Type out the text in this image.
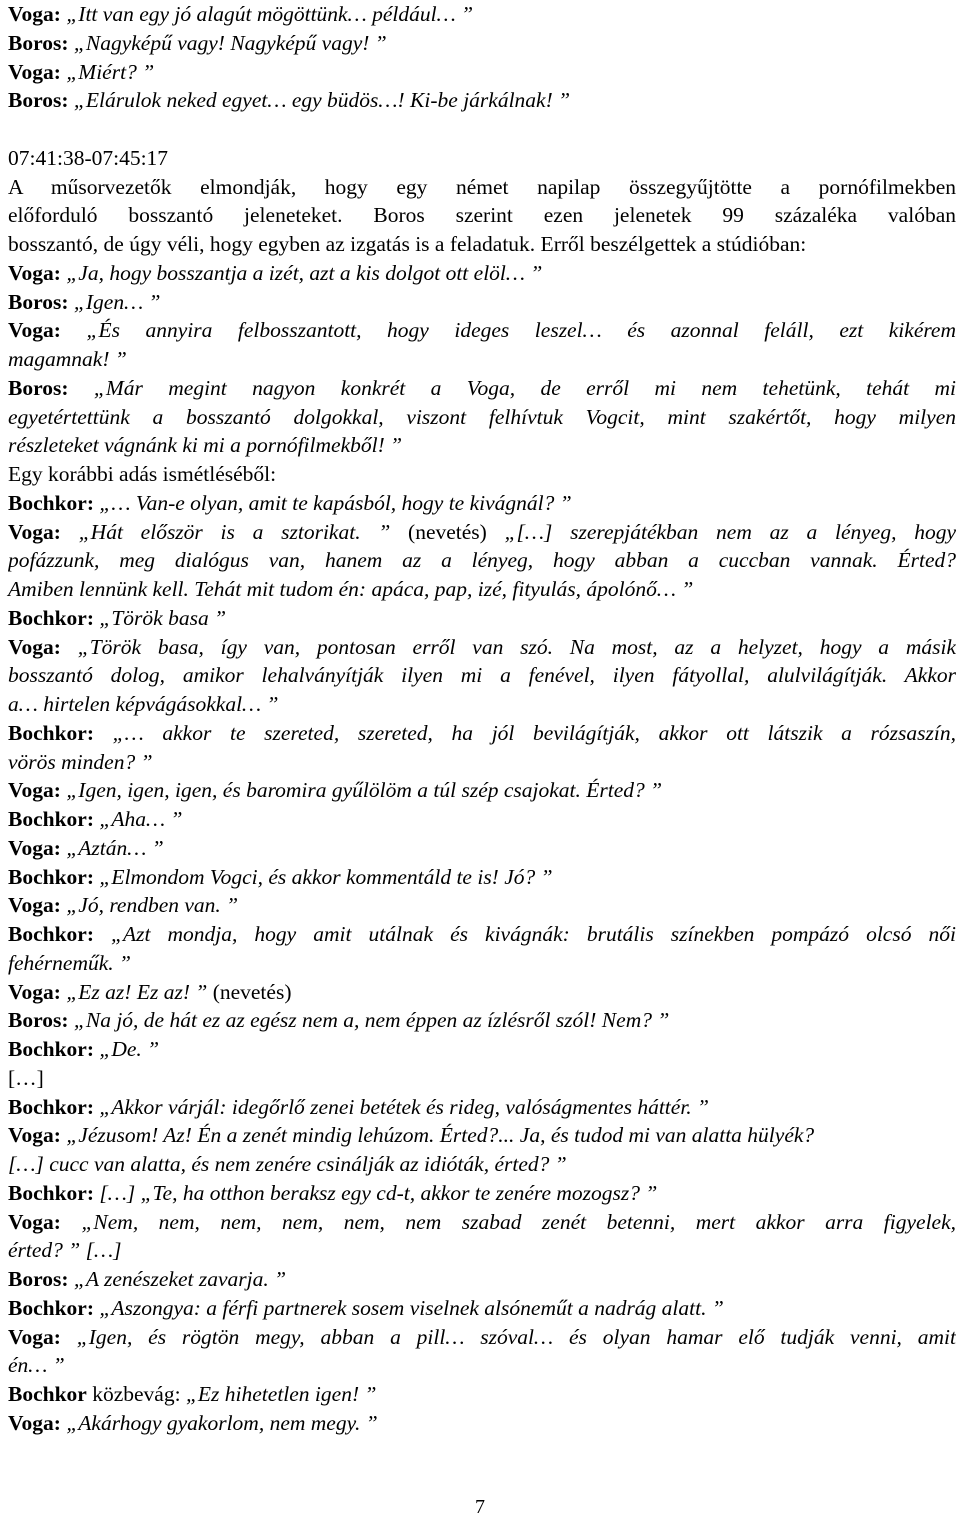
Voga: „Itt van egy jó alagút mögöttünk… például… ”
Boros: „Nagyképű vagy! Nagyképű vagy! ”
Voga: „Miért? ”
Boros: „Elárulok neked egyet… egy büdös…! Ki-be járkálnak! ”
07:41:38-07:45:17
A műsorvezetők elmondják, hogy egy német napilap összegyűjtötte a pornófilmekben
előforduló bosszantó jeleneteket. Boros szerint ezen jelenetek 99 százaléka valóban
bosszantó, de úgy véli, hogy egyben az izgatás is a feladatuk. Erről beszélgettek a stúdióban:
Voga: „Ja, hogy bosszantja a izét, azt a kis dolgot ott elöl… ”
Boros: „Igen… ”
Voga: „És annyira felbosszantott, hogy ideges leszel… és azonnal feláll, ezt kikérem
magamnak! ”
Boros: „Már megint nagyon konkrét a Voga, de erről mi nem tehetünk, tehát mi
egyetértettünk a bosszantó dolgokkal, viszont felhívtuk Vogcit, mint szakértőt, hogy milyen
részleteket vágnánk ki mi a pornófilmekből! ”
Egy korábbi adás ismétléséből:
Bochkor: „… Van-e olyan, amit te kapásból, hogy te kivágnál? ”
Voga: „Hát először is a sztorikat. ” (nevetés) „[…] szerepjátékban nem az a lényeg, hogy
pofázzunk, meg dialógus van, hanem az a lényeg, hogy abban a cuccban vannak. Érted?
Amiben lennünk kell. Tehát mit tudom én: apáca, pap, izé, fityulás, ápolónő… ”
Bochkor: „Török basa ”
Voga: „Török basa, így van, pontosan erről van szó. Na most, az a helyzet, hogy a másik
bosszantó dolog, amikor lehalványítják ilyen mi a fenével, ilyen fátyollal, alulvilágítják. Akkor
a… hirtelen képvágásokkal… ”
Bochkor: „… akkor te szereted, szereted, ha jól bevilágítják, akkor ott látszik a rózsaszín,
vörös minden? ”
Voga: „Igen, igen, igen, és baromira gyűlölöm a túl szép csajokat. Érted? ”
Bochkor: „Aha… ”
Voga: „Aztán… ”
Bochkor: „Elmondom Vogci, és akkor kommentáld te is! Jó? ”
Voga: „Jó, rendben van. ”
Bochkor: „Azt mondja, hogy amit utálnak és kivágnák: brutális színekben pompázó olcsó női
fehérneműk. ”
Voga: „Ez az! Ez az! ” (nevetés)
Boros: „Na jó, de hát ez az egész nem a, nem éppen az ízlésről szól! Nem? ”
Bochkor: „De. ”
[…]
Bochkor: „Akkor várjál: idegőrlő zenei betétek és rideg, valóságmentes háttér. ”
Voga: „Jézusom! Az! Én a zenét mindig lehúzom. Érted?... Ja, és tudod mi van alatta hülyék?
[…] cucc van alatta, és nem zenére csinálják az idióták, érted? ”
Bochkor: […] „Te, ha otthon beraksz egy cd-t, akkor te zenére mozogsz? ”
Voga: „Nem, nem, nem, nem, nem, nem szabad zenét betenni, mert akkor arra figyelek,
érted? ” […]
Boros: „A zenészeket zavarja. ”
Bochkor: „Aszongya: a férfi partnerek sosem viselnek alsóneműt a nadrág alatt. ”
Voga: „Igen, és rögtön megy, abban a pill… szóval… és olyan hamar elő tudják venni, amit
én… ”
Bochkor közbevág: „Ez hihetetlen igen! ”
Voga: „Akárhogy gyakorlom, nem megy. ”
7
